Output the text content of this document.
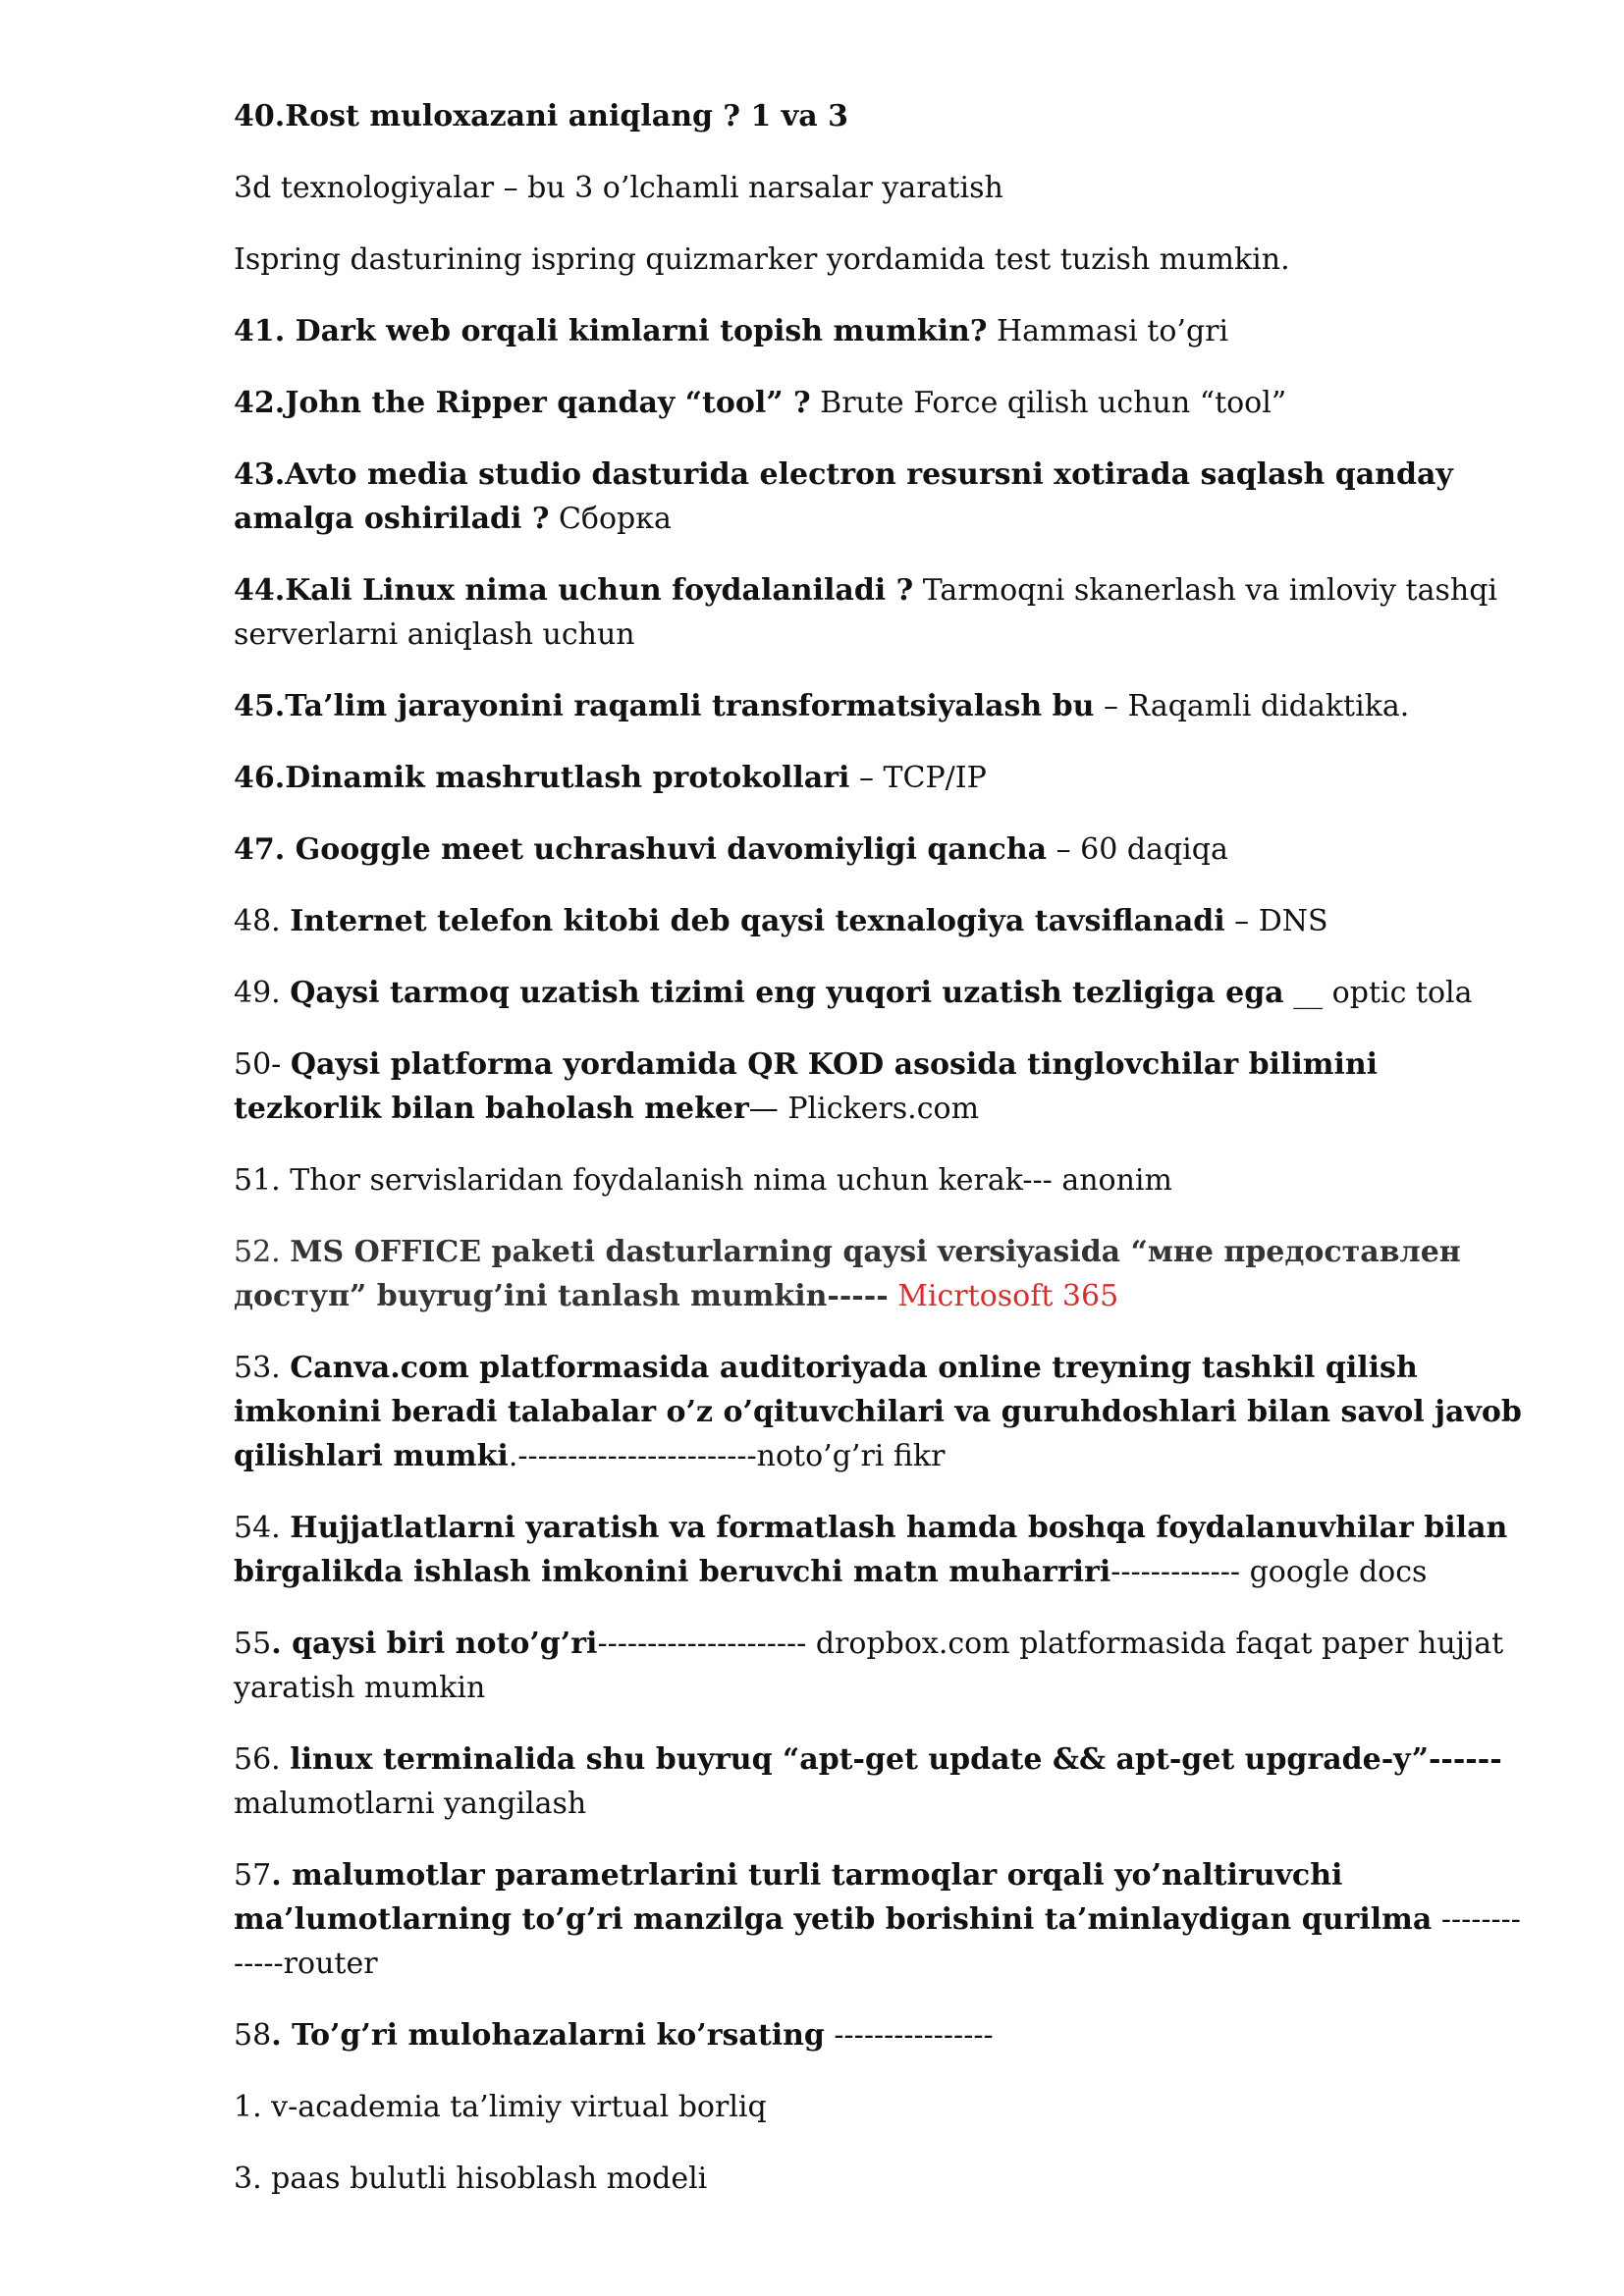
40.Rost muloxazani aniqlang ? 1 va 3

3d texnologiyalar – bu 3 o’lchamli narsalar yaratish

Ispring dasturining ispring quizmarker yordamida test tuzish mumkin.

41. Dark web orqali kimlarni topish mumkin? Hammasi to’gri

42.John the Ripper qanday “tool” ? Brute Force qilish uchun “tool”

43.Avto media studio dasturida electron resursni xotirada saqlash qanday amalga oshiriladi ? Сборка

44.Kali Linux nima uchun foydalaniladi ? Tarmoqni skanerlash va imloviy tashqi serverlarni aniqlash uchun

45.Ta’lim jarayonini raqamli transformatsiyalash bu – Raqamli didaktika.

46.Dinamik mashrutlash protokollari – TCP/IP

47. Googgle meet uchrashuvi davomiyligi qancha – 60 daqiqa

48. Internet telefon kitobi deb qaysi texnalogiya tavsiflanadi – DNS

49. Qaysi tarmoq uzatish tizimi eng yuqori uzatish tezligiga ega __ optic tola

50- Qaysi platforma yordamida QR KOD asosida tinglovchilar bilimini tezkorlik bilan baholash meker— Plickers.com

51. Thor servislaridan foydalanish nima uchun kerak--- anonim

52. MS OFFICE paketi dasturlarning qaysi versiyasida “мне предоставлен доступ” buyrug’ini tanlash mumkin----- Micrtosoft 365

53. Canva.com platformasida auditoriyada online treyning tashkil qilish imkonini beradi talabalar o’z o’qituvchilari va guruhdoshlari bilan savol javob qilishlari mumki.------------------------noto’g’ri fikr

54. Hujjatlatlarni yaratish va formatlash hamda boshqa foydalanuvhilar bilan birgalikda ishlash imkonini beruvchi matn muharriri------------- google docs

55. qaysi biri noto’g’ri--------------------- dropbox.com platformasida faqat paper hujjat yaratish mumkin

56. linux terminalida shu buyruq “apt-get update && apt-get upgrade-y”------ malumotlarni yangilash

57. malumotlar parametrlarini turli tarmoqlar orqali yo’naltiruvchi ma’lumotlarning to’g’ri manzilga yetib borishini ta’minlaydigan qurilma -------------router

58. To’g’ri mulohazalarni ko’rsating ----------------

1. v-academia ta’limiy virtual borliq

3. paas bulutli hisoblash modeli
